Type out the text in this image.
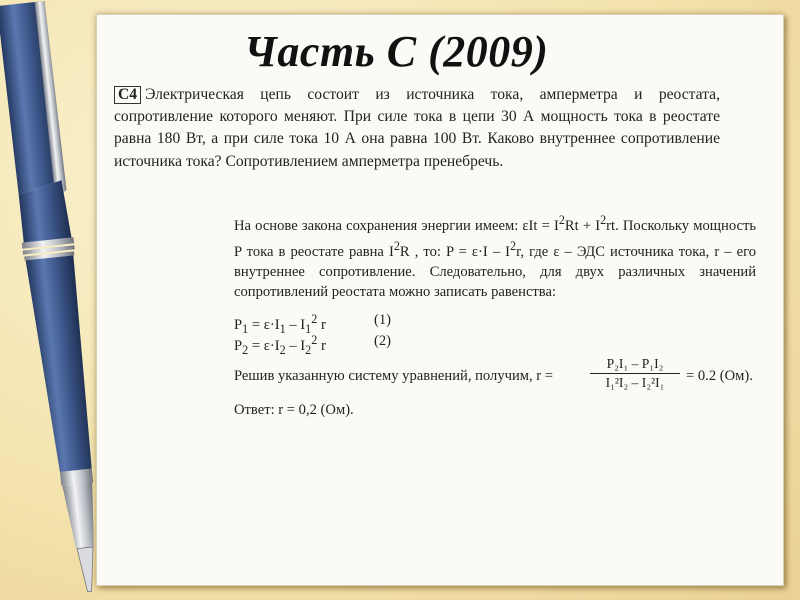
Часть С (2009)
C4 Электрическая цепь состоит из источника тока, амперметра и реостата, сопротивление которого меняют. При силе тока в цепи 30 А мощность тока в реостате равна 180 Вт, а при силе тока 10 А она равна 100 Вт. Каково внутреннее сопротивление источника тока? Сопротивлением амперметра пренебречь.

На основе закона сохранения энергии имеем: $\varepsilon It = I^2Rt + I^2rt$. Поскольку мощность P тока в реостате равна $I^2R$ , то: $P = \varepsilon\cdot I - I^2r$, где ε – ЭДС источника тока, r – его внутреннее сопротивление. Следовательно, для двух различных значений сопротивлений реостата можно записать равенства:

$P_1 = \varepsilon\cdot I_1 - I_1^2$ r	(1)
$P_2 = \varepsilon\cdot I_2 - I_2^2$ r	(2)
Решив указанную систему уравнений, получим, r =	$\frac{\text{P₂I₁ – P₁I₂}}{\text{I₁²I₂ – I₂²I₁}} = 0.2$ (Ом).
Ответ: r = 0,2 (Ом).
